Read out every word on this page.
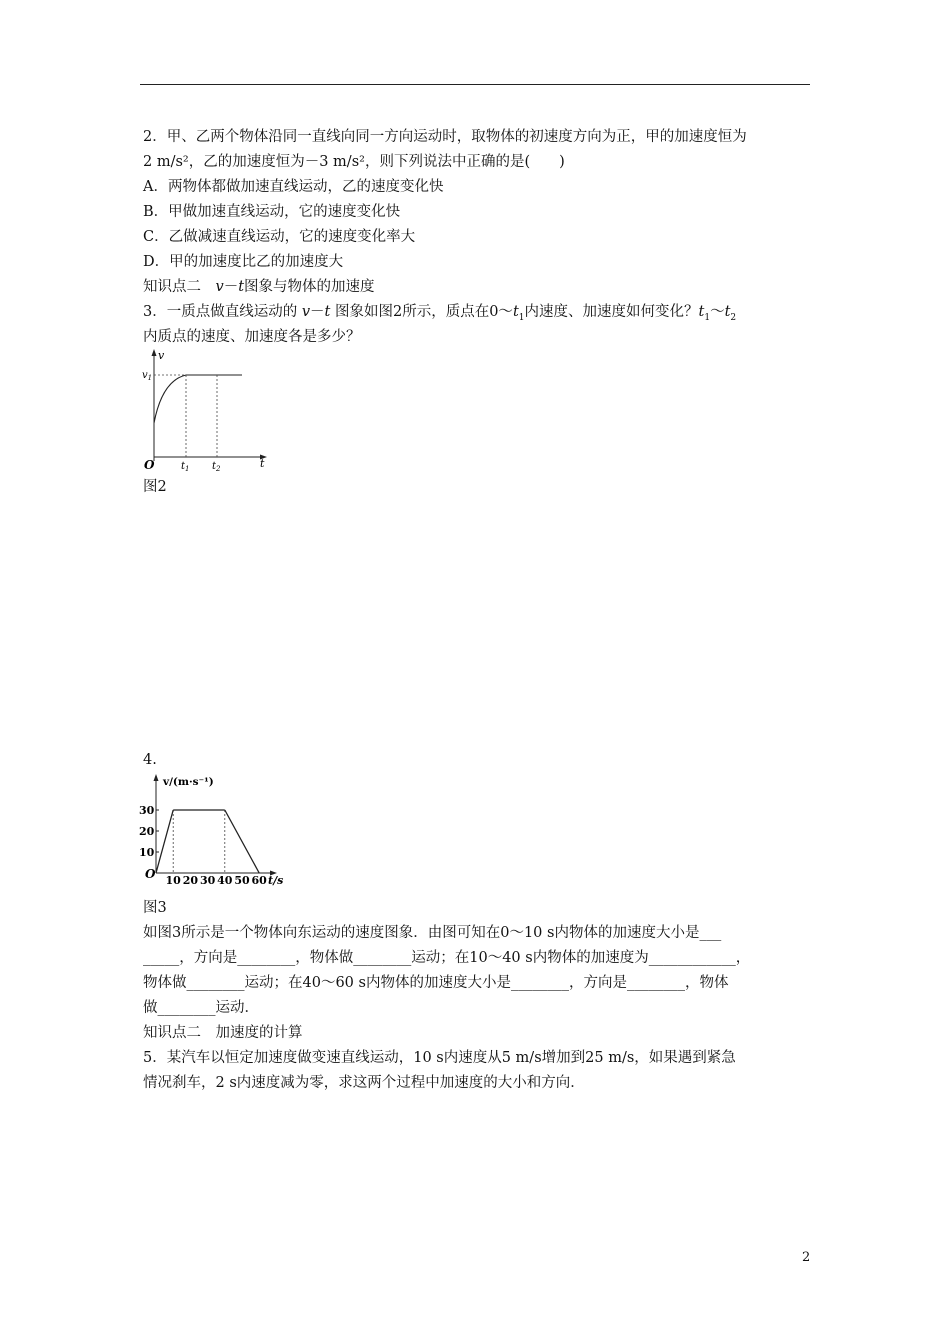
2．甲、乙两个物体沿同一直线向同一方向运动时，取物体的初速度方向为正，甲的加速度恒为
2 m/s²，乙的加速度恒为－3 m/s²，则下列说法中正确的是(　　)
A．两物体都做加速直线运动，乙的速度变化快
B．甲做加速直线运动，它的速度变化快
C．乙做减速直线运动，它的速度变化率大
D．甲的加速度比乙的加速度大
知识点二　v－t图象与物体的加速度
3．一质点做直线运动的 v－t 图象如图2所示，质点在$0\sim t_1$内速度、加速度如何变化？$t_1\sim t_2$
内质点的速度、加速度各是多少？
v
$v_1$
O	$t_1$ $t_2$	t
图2
4.
v/(m·s⁻¹)
t/s
O
30
20
10
10 20 30 40 50 60
图3
如图3所示是一个物体向东运动的速度图象．由图可知在0～10 s内物体的加速度大小是___
_____，方向是________，物体做________运动；在10～40 s内物体的加速度为____________，
物体做________运动；在40～60 s内物体的加速度大小是________，方向是________，物体
做________运动．
知识点二　加速度的计算
5．某汽车以恒定加速度做变速直线运动，10 s内速度从5 m/s增加到25 m/s，如果遇到紧急
情况刹车，2 s内速度减为零，求这两个过程中加速度的大小和方向．
2
